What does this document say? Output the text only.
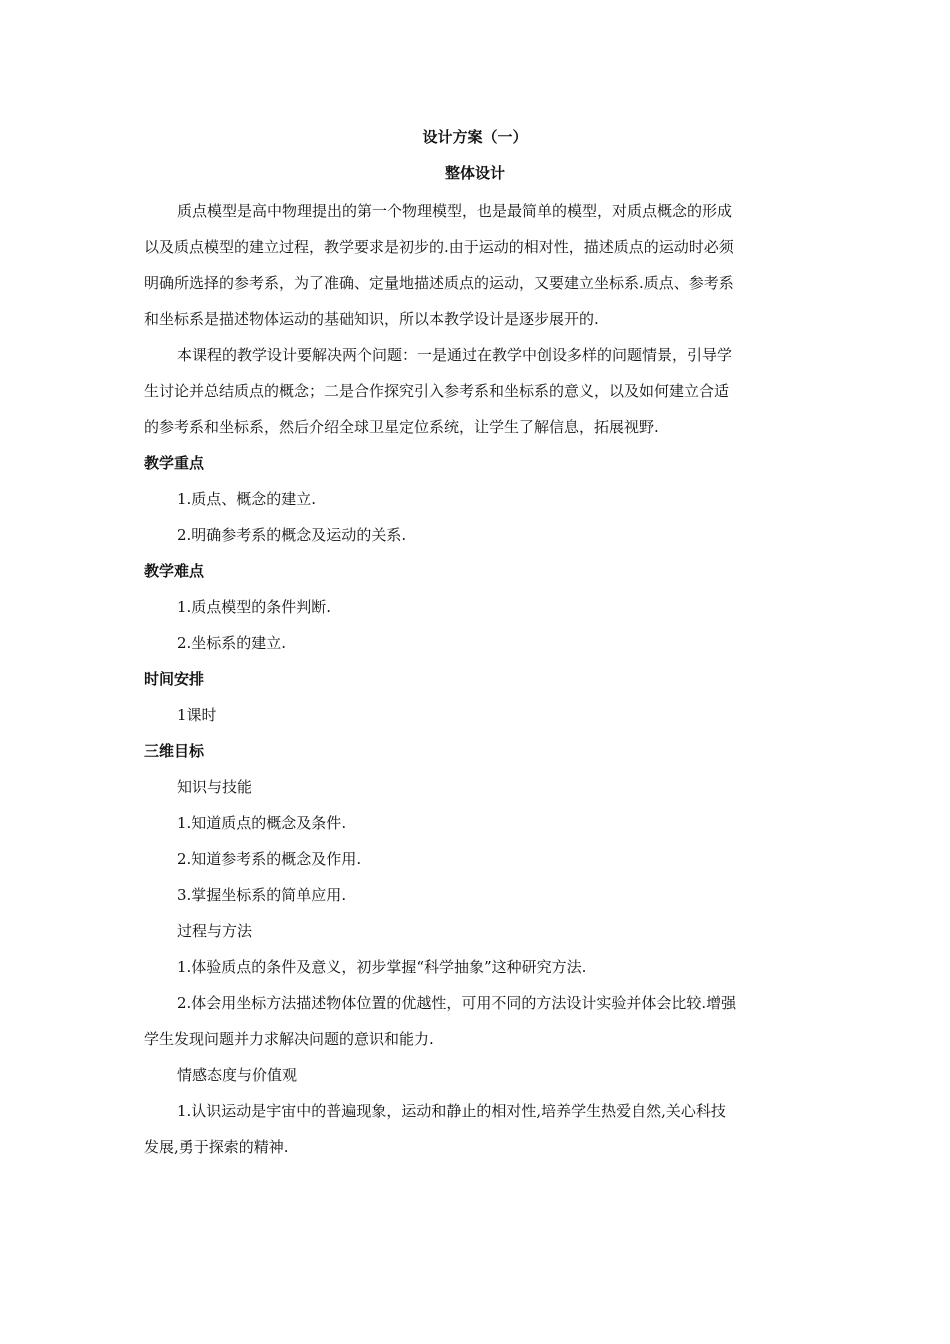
设计方案（一）
整体设计
质点模型是高中物理提出的第一个物理模型，也是最简单的模型，对质点概念的形成
以及质点模型的建立过程，教学要求是初步的.由于运动的相对性，描述质点的运动时必须
明确所选择的参考系，为了准确、定量地描述质点的运动，又要建立坐标系.质点、参考系
和坐标系是描述物体运动的基础知识，所以本教学设计是逐步展开的.
本课程的教学设计要解决两个问题：一是通过在教学中创设多样的问题情景，引导学
生讨论并总结质点的概念；二是合作探究引入参考系和坐标系的意义，以及如何建立合适
的参考系和坐标系，然后介绍全球卫星定位系统，让学生了解信息，拓展视野.
教学重点
1.质点、概念的建立.
2.明确参考系的概念及运动的关系.
教学难点
1.质点模型的条件判断.
2.坐标系的建立.
时间安排
1课时
三维目标
知识与技能
1.知道质点的概念及条件.
2.知道参考系的概念及作用.
3.掌握坐标系的简单应用.
过程与方法
1.体验质点的条件及意义，初步掌握“科学抽象”这种研究方法.
2.体会用坐标方法描述物体位置的优越性，可用不同的方法设计实验并体会比较.增强
学生发现问题并力求解决问题的意识和能力.
情感态度与价值观
1.认识运动是宇宙中的普遍现象，运动和静止的相对性,培养学生热爱自然,关心科技
发展,勇于探索的精神.
